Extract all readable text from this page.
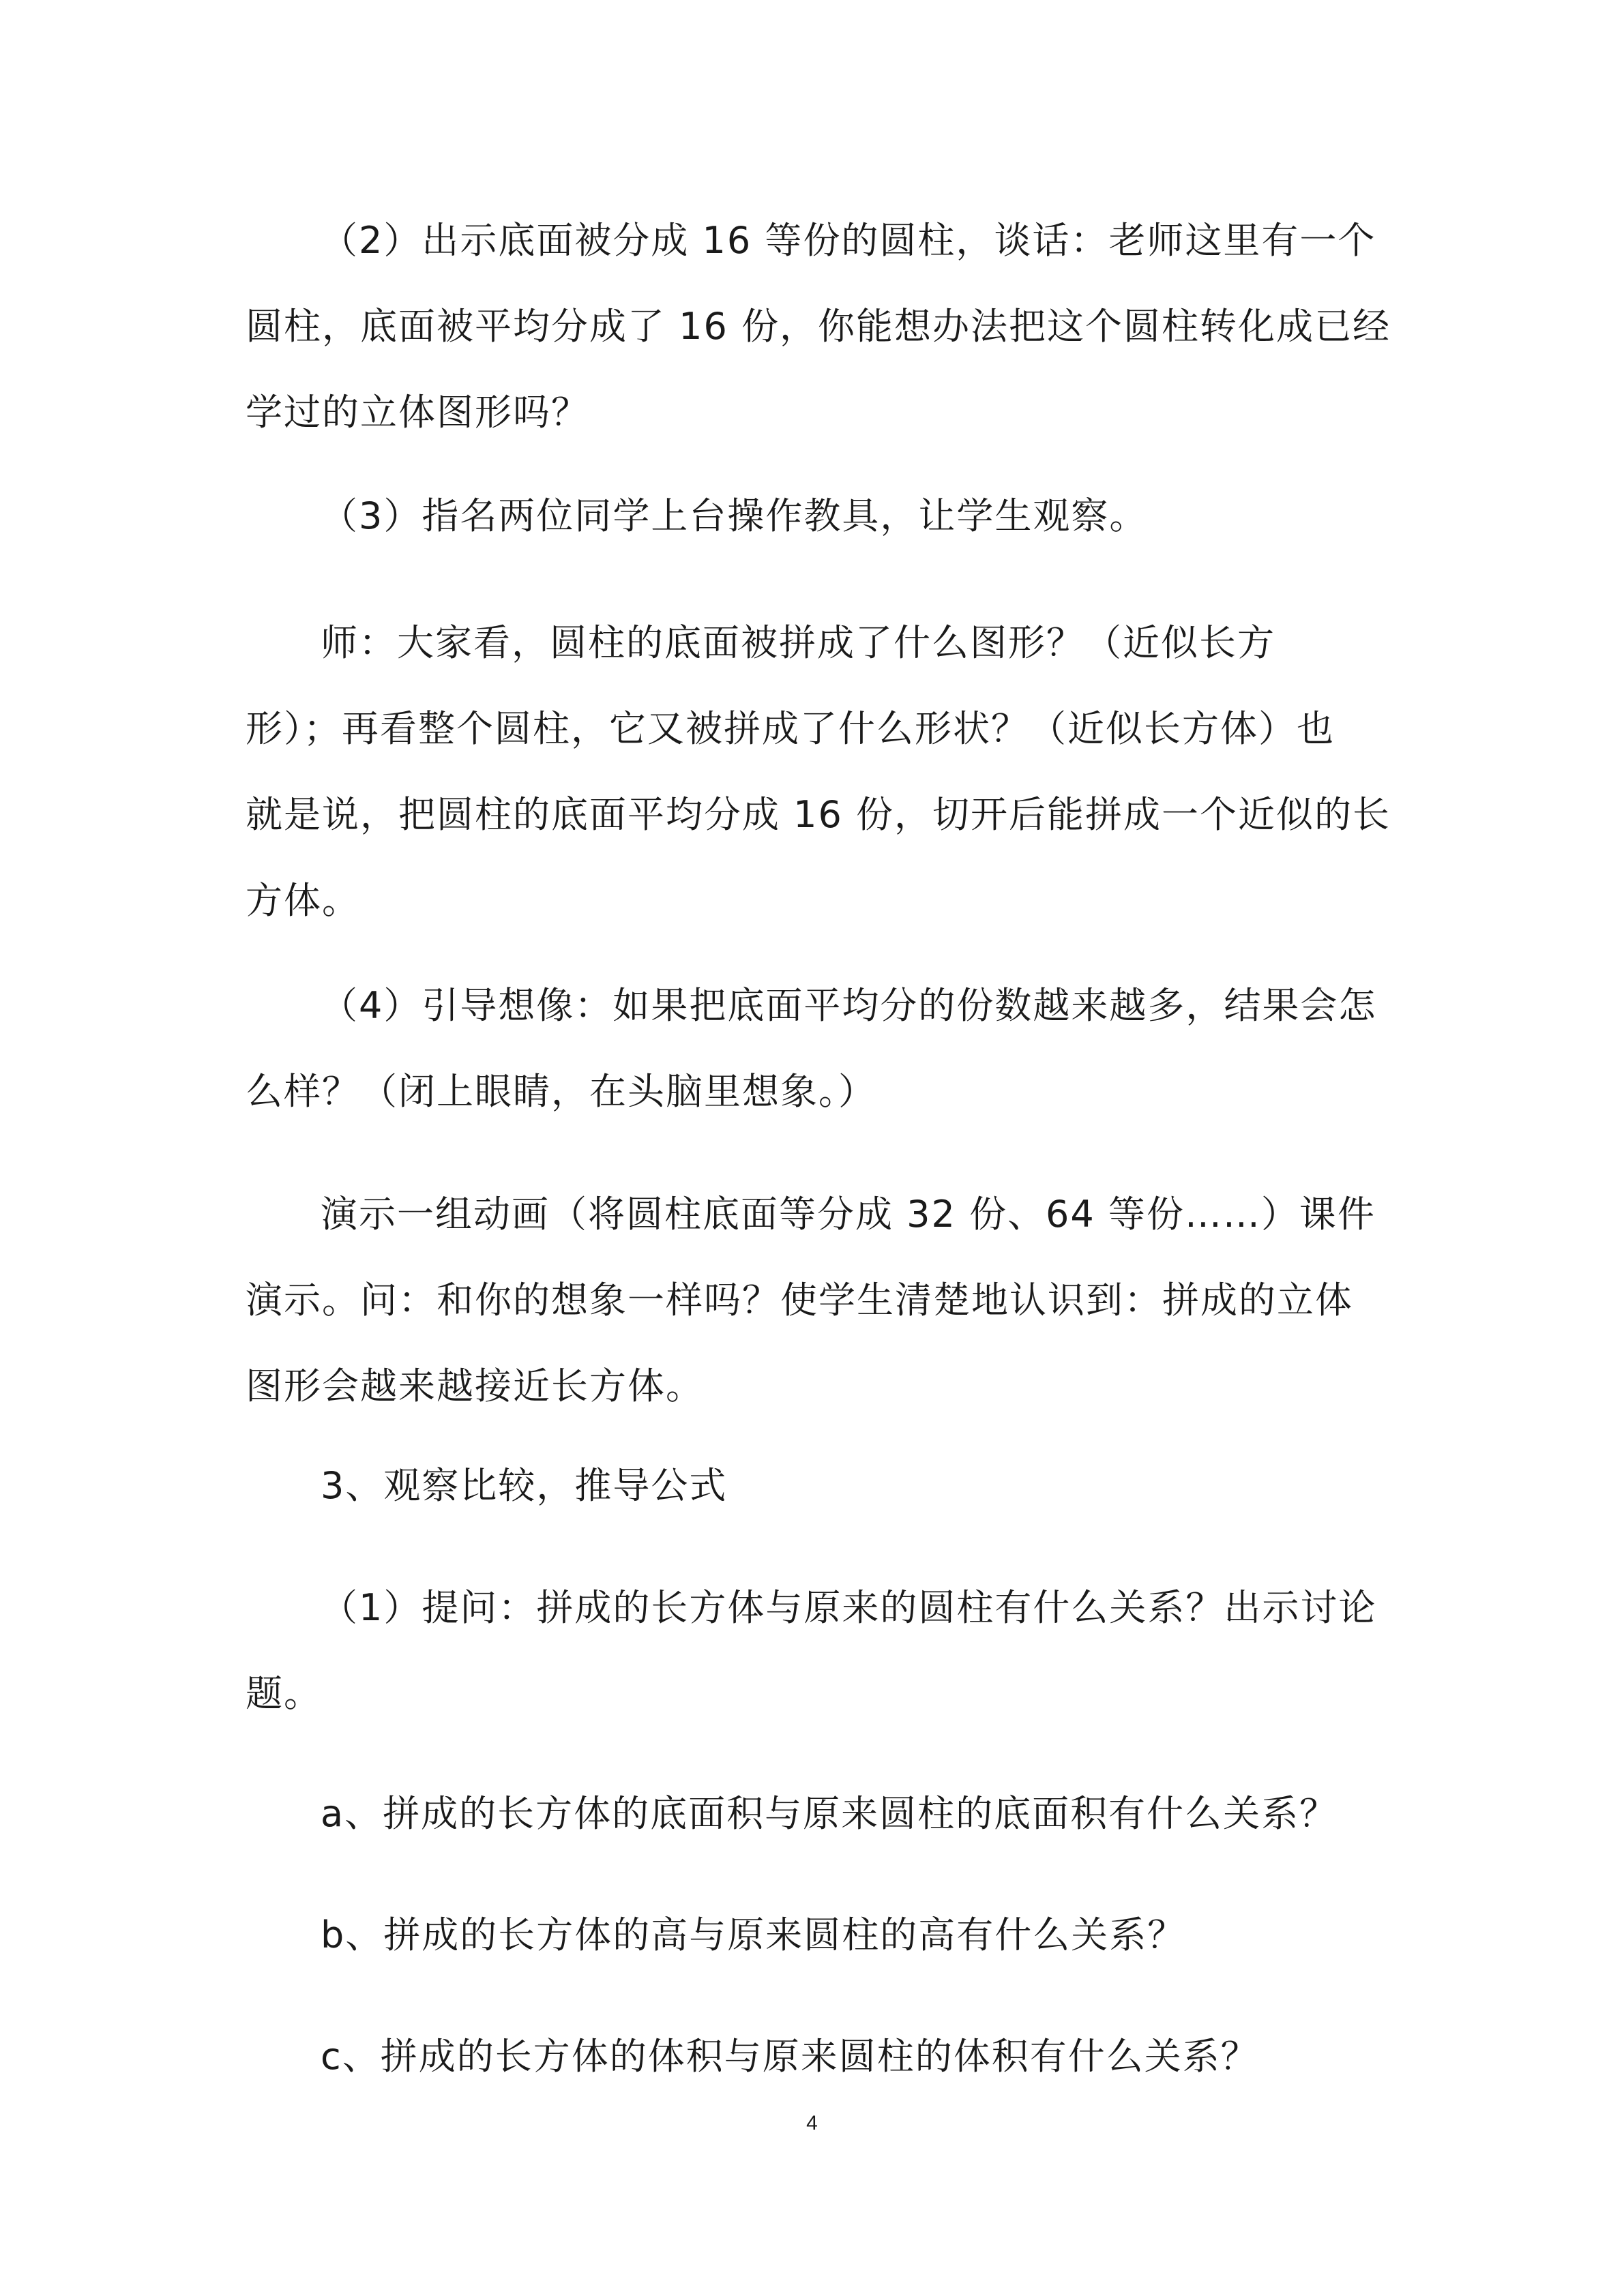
（2）出示底面被分成 16 等份的圆柱，谈话：老师这里有一个
圆柱，底面被平均分成了 16 份，你能想办法把这个圆柱转化成已经
学过的立体图形吗？

（3）指名两位同学上台操作教具，让学生观察。

师：大家看，圆柱的底面被拼成了什么图形？（近似长方
形）；再看整个圆柱，它又被拼成了什么形状？（近似长方体）也
就是说，把圆柱的底面平均分成 16 份，切开后能拼成一个近似的长
方体。

（4）引导想像：如果把底面平均分的份数越来越多，结果会怎
么样？（闭上眼睛，在头脑里想象。）

演示一组动画（将圆柱底面等分成 32 份、64 等份……）课件
演示。问：和你的想象一样吗？使学生清楚地认识到：拼成的立体
图形会越来越接近长方体。

3、观察比较，推导公式

（1）提问：拼成的长方体与原来的圆柱有什么关系？出示讨论
题。

a、拼成的长方体的底面积与原来圆柱的底面积有什么关系？

b、拼成的长方体的高与原来圆柱的高有什么关系？

c、拼成的长方体的体积与原来圆柱的体积有什么关系？

4
